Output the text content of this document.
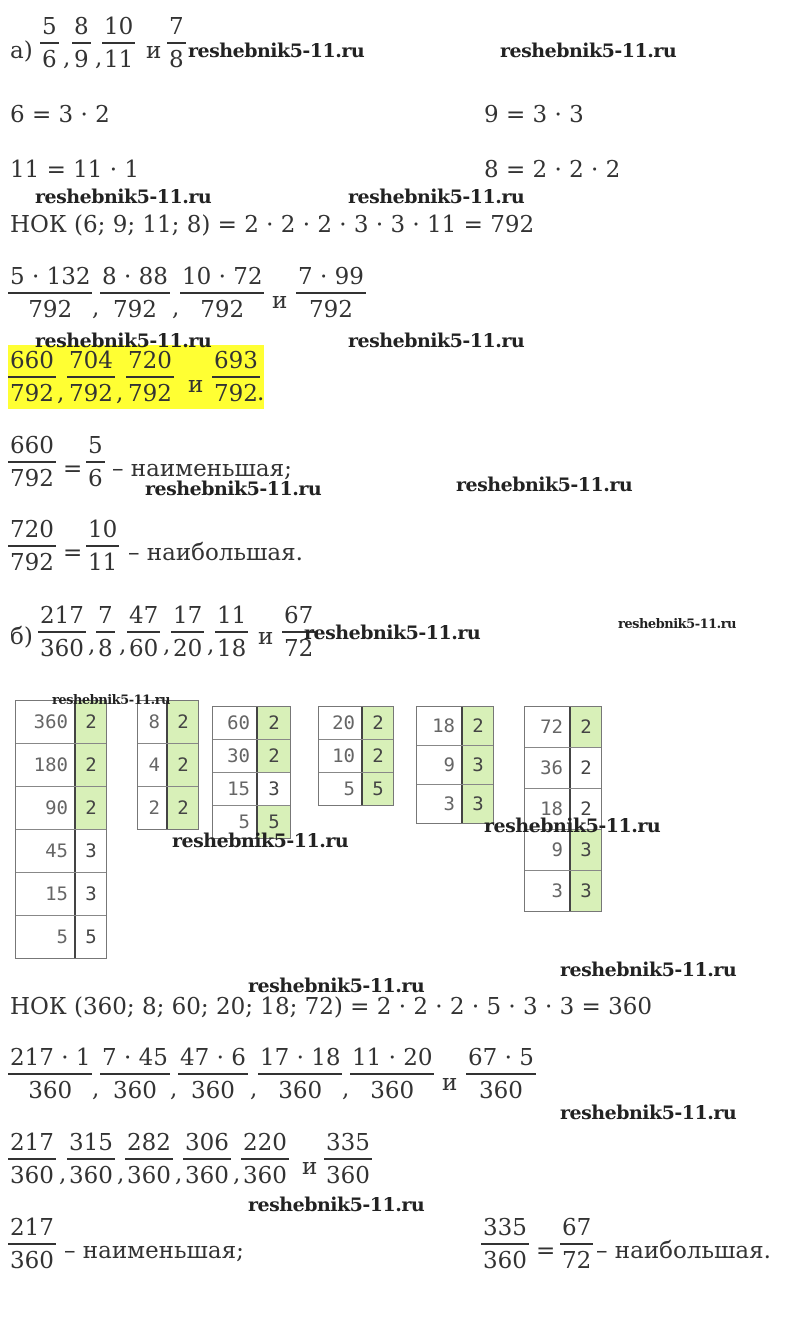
$а) \frac{5}{6}$ , $\frac{8}{9}$ , $\frac{10}{11}$ и $\frac{7}{8}$
6 = 3 · 2	9 = 3 · 3
11 = 11 · 1	8 = 2 · 2 · 2
НОК (6; 9; 11; 8) = 2 · 2 · 2 · 3 · 3 · 11 = 792
$\frac{5 \cdot 132}{792}$ , $\frac{8 \cdot 88}{792}$ , $\frac{10 \cdot 72}{792}$ и $\frac{7 \cdot 99}{792}$
$\frac{660}{792}$ , $\frac{704}{792}$ , $\frac{720}{792}$ и $\frac{693}{792}$
.
$\frac{660}{792} = \frac{5}{6}$ – наименьшая;
$\frac{720}{792} = \frac{10}{11}$ – наибольшая.
$б) \frac{217}{360}$ , $\frac{7}{8}$ , $\frac{47}{60}$ , $\frac{17}{20}$ , $\frac{11}{18}$ и $\frac{67}{72}$
360 2
180 2
90 2
45 3
15 3
5 5
8 2
4 2
2 2
60 2
30 2
15 3
5 5
20 2
10 2
5 5
18 2
9 3
3 3
72 2
36 2
18 2
9 3
3 3
НОК (360; 8; 60; 20; 18; 72) = 2 · 2 · 2 · 5 · 3 · 3 = 360
$\frac{217 \cdot 1}{360}$ , $\frac{7 \cdot 45}{360}$ , $\frac{47 \cdot 6}{360}$ , $\frac{17 \cdot 18}{360}$ , $\frac{11 \cdot 20}{360}$ и $\frac{67 \cdot 5}{360}$
$\frac{217}{360}$ , $\frac{315}{360}$ , $\frac{282}{360}$ , $\frac{306}{360}$ , $\frac{220}{360}$ и $\frac{335}{360}$
$\frac{217}{360}$ – наименьшая;	$\frac{335}{360} = \frac{67}{72}$ – наибольшая.
reshebnik5-11.ru	reshebnik5-11.ru
reshebnik5-11.ru	reshebnik5-11.ru
reshebnik5-11.ru	reshebnik5-11.ru
reshebnik5-11.ru	reshebnik5-11.ru
reshebnik5-11.ru	reshebnik5-11.ru
reshebnik5-11.ru
reshebnik5-11.ru
reshebnik5-11.ru
reshebnik5-11.ru
reshebnik5-11.ru
reshebnik5-11.ru
reshebnik5-11.ru
